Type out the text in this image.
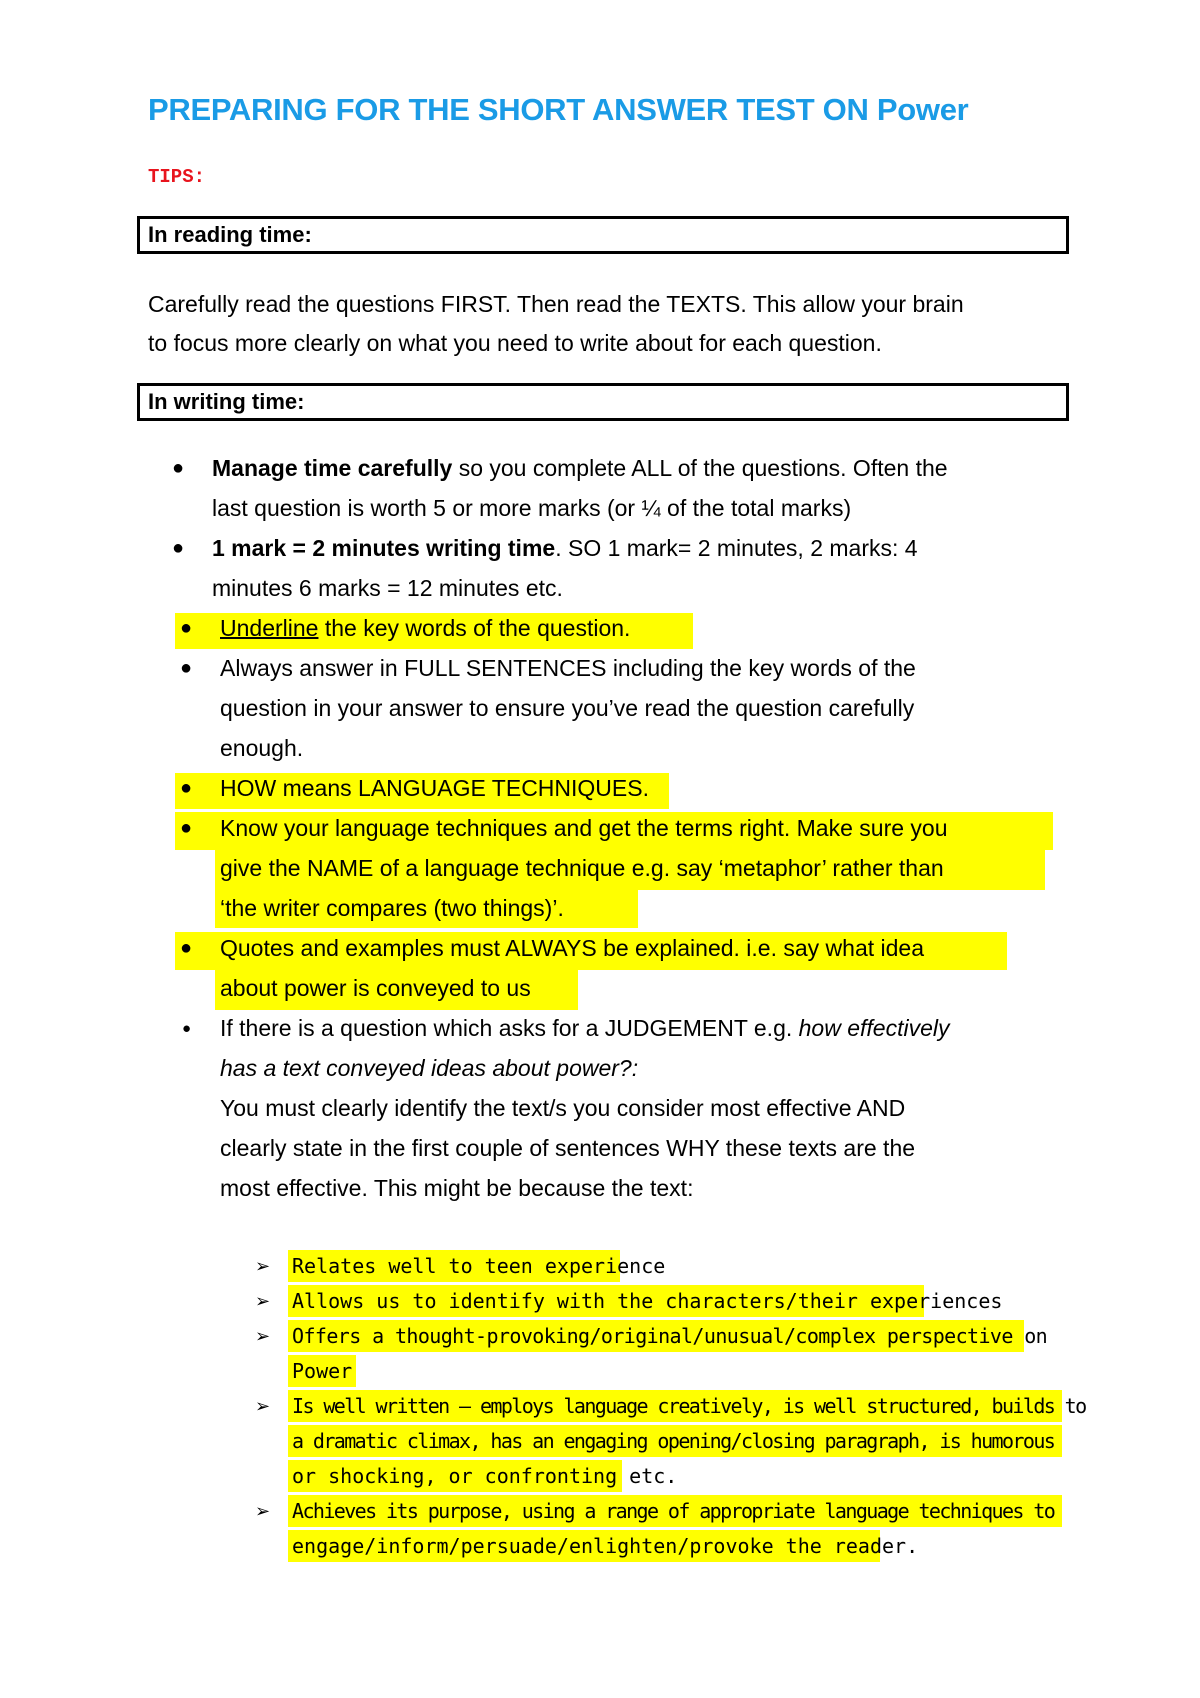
PREPARING FOR THE SHORT ANSWER TEST ON Power
TIPS:
In reading time:
Carefully read the questions FIRST. Then read the TEXTS. This allow your brain
to focus more clearly on what you need to write about for each question.
In writing time:
● Manage time carefully so you complete ALL of the questions. Often the
last question is worth 5 or more marks (or ¼ of the total marks)
● 1 mark = 2 minutes writing time. SO 1 mark= 2 minutes, 2 marks: 4
minutes 6 marks = 12 minutes etc.
● Underline the key words of the question.
● Always answer in FULL SENTENCES including the key words of the
question in your answer to ensure you’ve read the question carefully
enough.
● HOW means LANGUAGE TECHNIQUES.
● Know your language techniques and get the terms right. Make sure you
give the NAME of a language technique e.g. say ‘metaphor’ rather than
‘the writer compares (two things)’.
● Quotes and examples must ALWAYS be explained. i.e. say what idea
about power is conveyed to us
● If there is a question which asks for a JUDGEMENT e.g. how effectively
has a text conveyed ideas about power?:
You must clearly identify the text/s you consider most effective AND
clearly state in the first couple of sentences WHY these texts are the
most effective. This might be because the text:
➢ Relates well to teen experience
➢ Allows us to identify with the characters/their experiences
➢ Offers a thought-provoking/original/unusual/complex perspective on
Power
➢ Is well written – employs language creatively, is well structured, builds to
a dramatic climax, has an engaging opening/closing paragraph, is humorous
or shocking, or confronting etc.
➢ Achieves its purpose, using a range of appropriate language techniques to
engage/inform/persuade/enlighten/provoke the reader.
